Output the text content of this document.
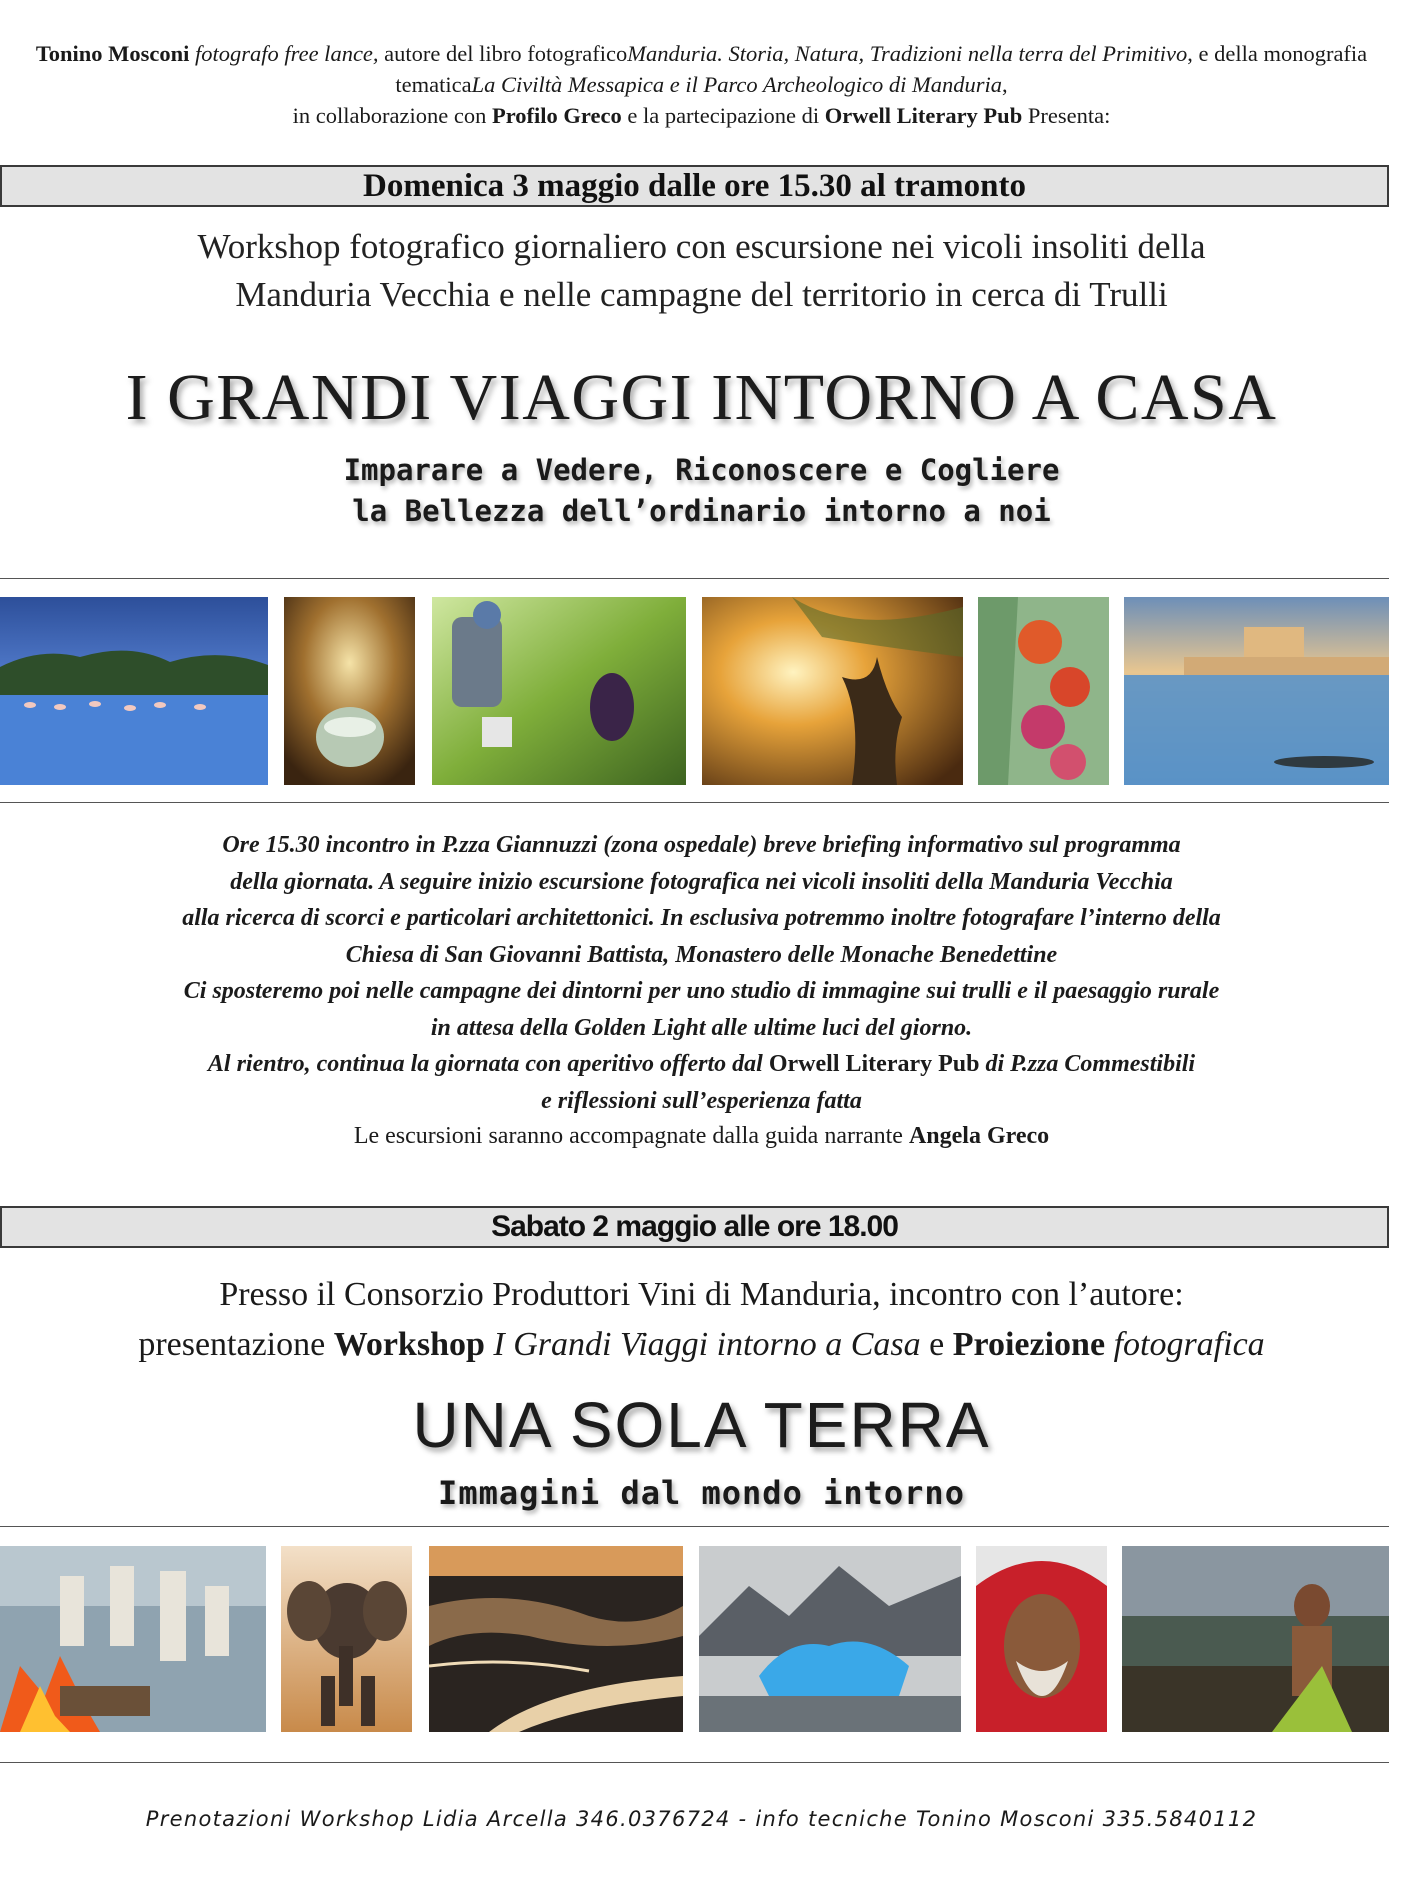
Tonino Mosconi fotografo free lance, autore del libro fotograficoManduria. Storia, Natura, Tradizioni nella terra del Primitivo, e della monografia tematicaLa Civiltà Messapica e il Parco Archeologico di Manduria,
in collaborazione con Profilo Greco e la partecipazione di Orwell Literary Pub Presenta:
Domenica 3 maggio dalle ore 15.30 al tramonto
Workshop fotografico giornaliero con escursione nei vicoli insoliti della
Manduria Vecchia e nelle campagne del territorio in cerca di Trulli
I GRANDI VIAGGI INTORNO A CASA
Imparare a Vedere, Riconoscere e Cogliere
la Bellezza dell’ordinario intorno a noi
Ore 15.30 incontro in P.zza Giannuzzi (zona ospedale) breve briefing informativo sul programma
della giornata. A seguire inizio escursione fotografica nei vicoli insoliti della Manduria Vecchia
alla ricerca di scorci e particolari architettonici. In esclusiva potremmo inoltre fotografare l’interno della
Chiesa di San Giovanni Battista, Monastero delle Monache Benedettine
Ci sposteremo poi nelle campagne dei dintorni per uno studio di immagine sui trulli e il paesaggio rurale
in attesa della Golden Light alle ultime luci del giorno.
Al rientro, continua la giornata con aperitivo offerto dal Orwell Literary Pub di P.zza Commestibili
e riflessioni sull’esperienza fatta
Le escursioni saranno accompagnate dalla guida narrante Angela Greco
Sabato 2 maggio alle ore 18.00
Presso il Consorzio Produttori Vini di Manduria, incontro con l’autore:
presentazione Workshop I Grandi Viaggi intorno a Casa e Proiezione fotografica
UNA SOLA TERRA
Immagini dal mondo intorno
Prenotazioni Workshop Lidia Arcella 346.0376724 - info tecniche Tonino Mosconi 335.5840112
